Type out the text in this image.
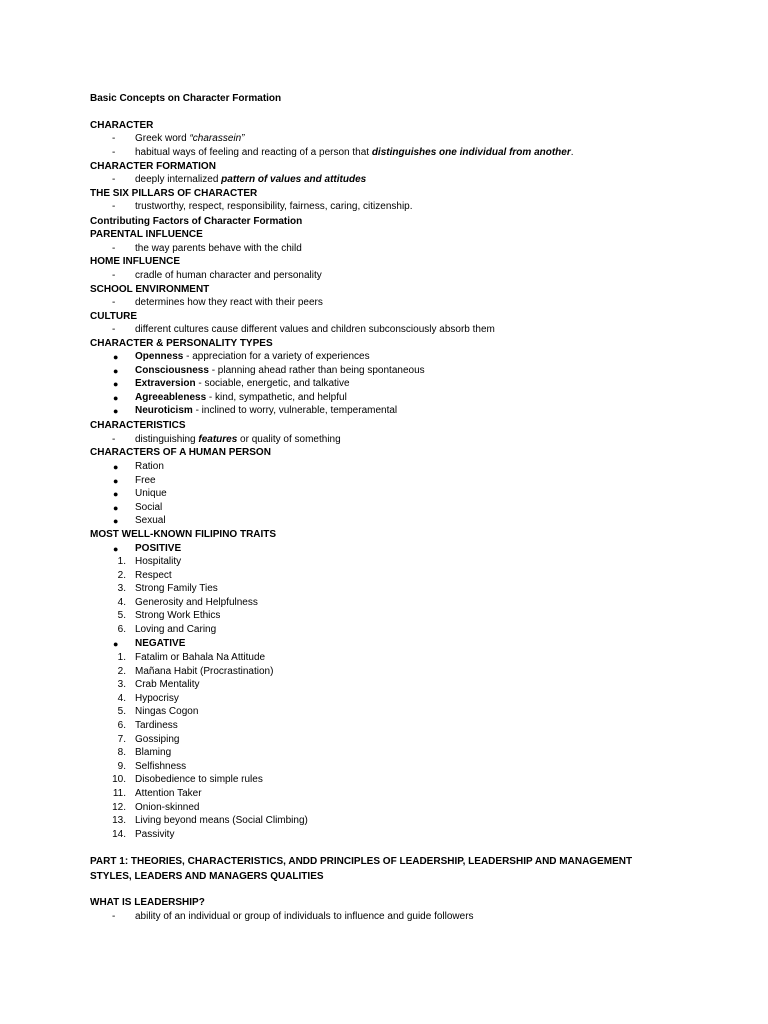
Basic Concepts on Character Formation
CHARACTER
-	Greek word “charassein”
-	habitual ways of feeling and reacting of a person that distinguishes one individual from another.
CHARACTER FORMATION
-	deeply internalized pattern of values and attitudes
THE SIX PILLARS OF CHARACTER
-	trustworthy, respect, responsibility, fairness, caring, citizenship.
Contributing Factors of Character Formation
PARENTAL INFLUENCE
-	the way parents behave with the child
HOME INFLUENCE
-	cradle of human character and personality
SCHOOL ENVIRONMENT
-	determines how they react with their peers
CULTURE
-	different cultures cause different values and children subconsciously absorb them
CHARACTER & PERSONALITY TYPES
CHARACTERISTICS
-	distinguishing features or quality of something
CHARACTERS OF A HUMAN PERSON
MOST WELL-KNOWN FILIPINO TRAITS
●	POSITIVE
●	NEGATIVE
PART 1: THEORIES, CHARACTERISTICS, ANDD PRINCIPLES OF LEADERSHIP, LEADERSHIP AND MANAGEMENT
STYLES, LEADERS AND MANAGERS QUALITIES
WHAT IS LEADERSHIP?
-	ability of an individual or group of individuals to influence and guide followers
●	Openness - appreciation for a variety of experiences
●	Consciousness - planning ahead rather than being spontaneous
●	Extraversion - sociable, energetic, and talkative
●	Agreeableness - kind, sympathetic, and helpful
●	Neuroticism - inclined to worry, vulnerable, temperamental
●	Ration
●	Free
●	Unique
●	Social
●	Sexual
1. Hospitality
2. Respect
3. Strong Family Ties
4. Generosity and Helpfulness
5. Strong Work Ethics
6. Loving and Caring
1. Fatalim or Bahala Na Attitude
2. Mañana Habit (Procrastination)
3. Crab Mentality
4. Hypocrisy
5. Ningas Cogon
6. Tardiness
7. Gossiping
8. Blaming
9. Selfishness
10. Disobedience to simple rules
11. Attention Taker
12. Onion-skinned
13. Living beyond means (Social Climbing)
14. Passivity
